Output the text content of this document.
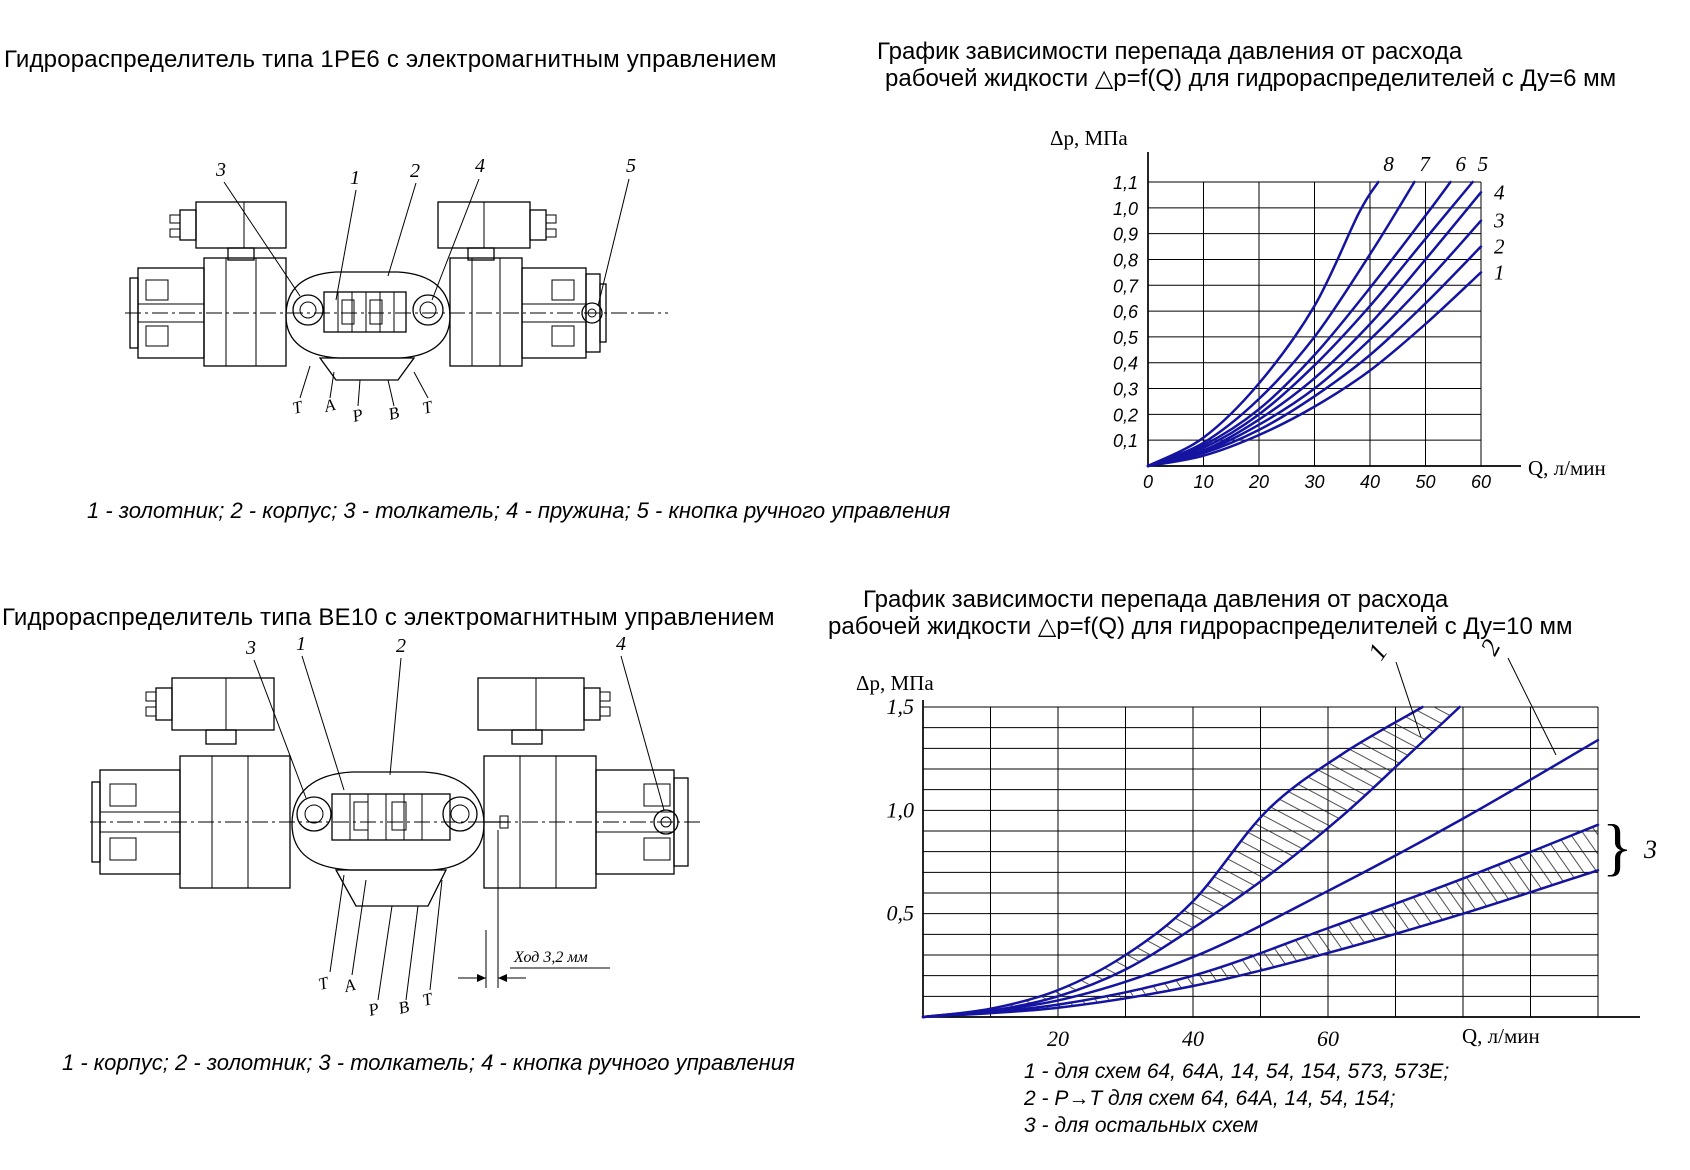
Гидрораспределитель типа 1РЕ6 с электромагнитным управлением	График зависимости перепада давления от расхода
рабочей жидкости △р=f(Q) для гидрораспределителей с Ду=6 мм
1 - золотник; 2 - корпус; 3 - толкатель; 4 - пружина; 5 - кнопка ручного управления
Гидрораспределитель типа ВЕ10 с электромагнитным управлением
График зависимости перепада давления от расхода
рабочей жидкости △р=f(Q) для гидрораспределителей с Ду=10 мм
1 - корпус; 2 - золотник; 3 - толкатель; 4 - кнопка ручного управления
Δр, МПа
Q, л/мин
Δр, МПа
Q, л/мин
1 - для схем 64, 64А, 14, 54, 154, 573, 573Е;
2 - P→T для схем 64, 64А, 14, 54, 154;
3 - для остальных схем
3	1	2	4	5
T A P B T
3 1	2	4
T A
P B T
Ход 3,2 мм
0 10 20 30 40 50 60
0,1
0,2
0,3
0,4
0,5
0,6
0,7
0,8
0,9
1,0
1,1
1
2
3
4
5
6
7
8
20	40	60
0,5
1,0
1,5
1	2
} 3
